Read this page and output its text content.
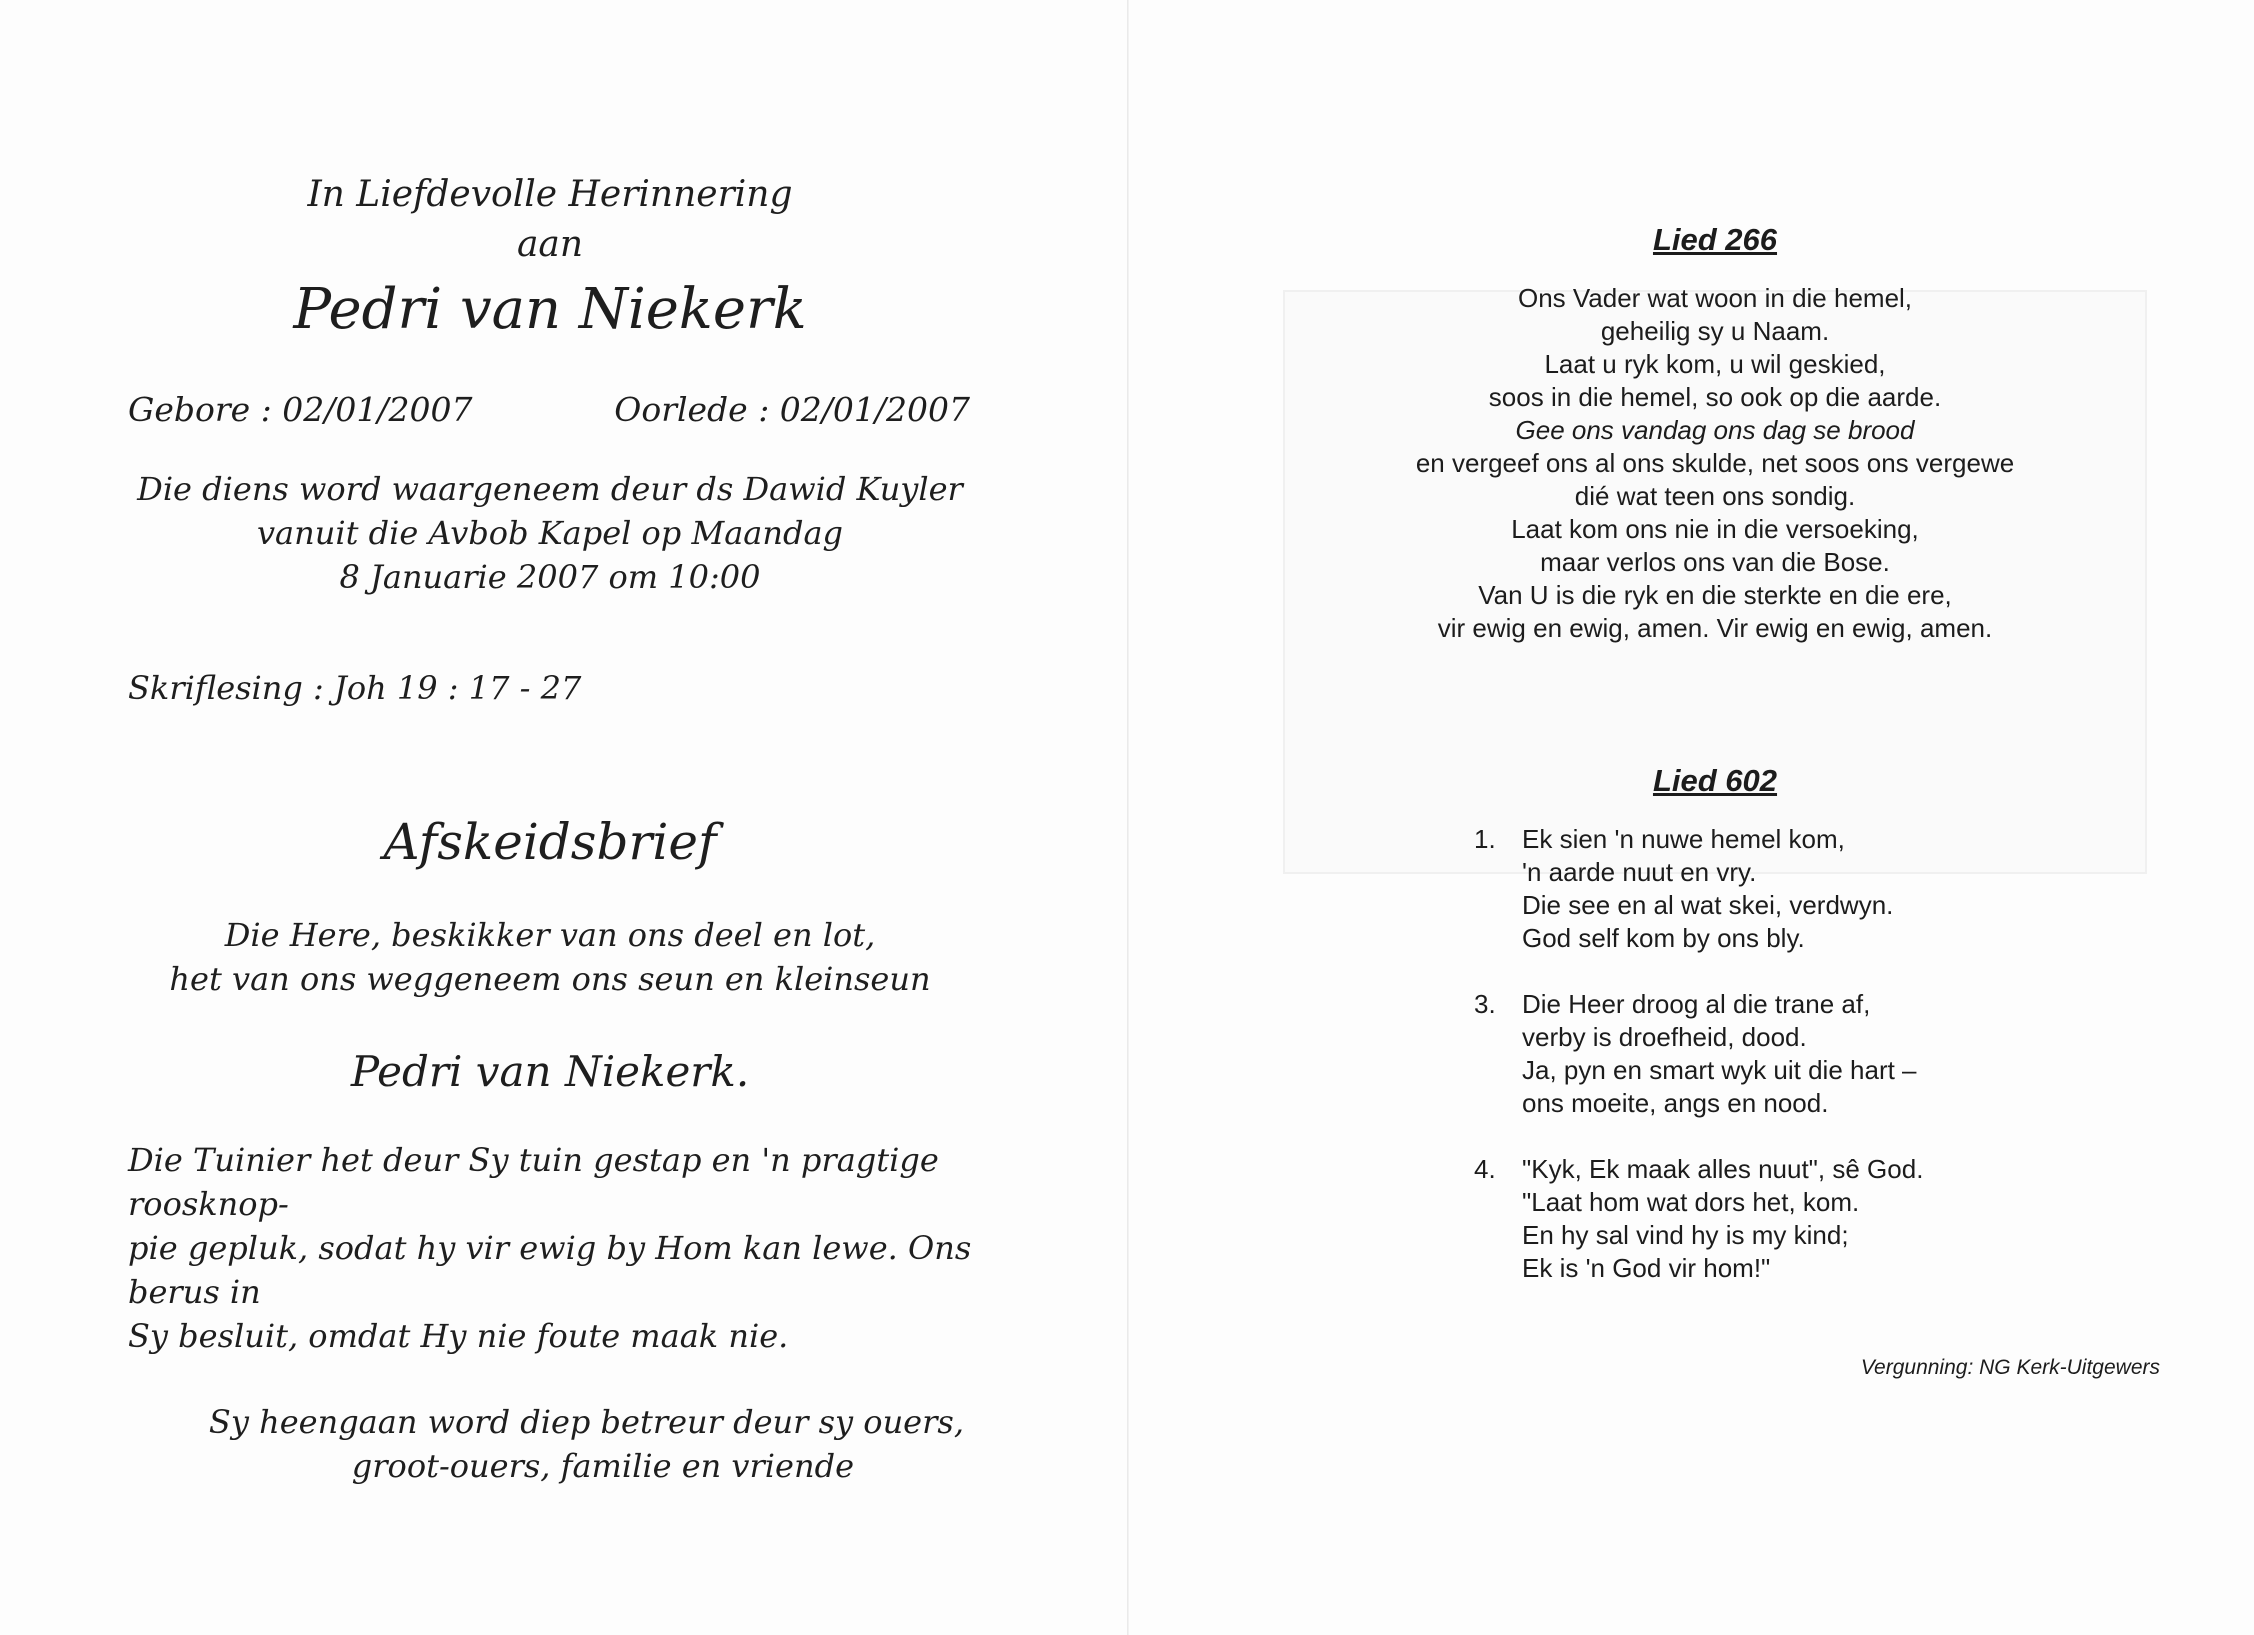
In Liefdevolle Herinnering
aan
Pedri van Niekerk
Gebore : 02/01/2007	Oorlede : 02/01/2007
Die diens word waargeneem deur ds Dawid Kuyler
vanuit die Avbob Kapel op Maandag
8 Januarie 2007 om 10:00
Skriflesing : Joh 19 : 17 - 27
Afskeidsbrief
Die Here, beskikker van ons deel en lot,
het van ons weggeneem ons seun en kleinseun
Pedri van Niekerk.
Die Tuinier het deur Sy tuin gestap en 'n pragtige roosknop-
pie gepluk, sodat hy vir ewig by Hom kan lewe. Ons berus in
Sy besluit, omdat Hy nie foute maak nie.
Sy heengaan word diep betreur deur sy ouers,
groot-ouers, familie en vriende
Lied 266
Ons Vader wat woon in die hemel,
geheilig sy u Naam.
Laat u ryk kom, u wil geskied,
soos in die hemel, so ook op die aarde.
Gee ons vandag ons dag se brood
en vergeef ons al ons skulde, net soos ons vergewe
dié wat teen ons sondig.
Laat kom ons nie in die versoeking,
maar verlos ons van die Bose.
Van U is die ryk en die sterkte en die ere,
vir ewig en ewig, amen. Vir ewig en ewig, amen.
Lied 602
1.	Ek sien 'n nuwe hemel kom,
'n aarde nuut en vry.
Die see en al wat skei, verdwyn.
God self kom by ons bly.
3.	Die Heer droog al die trane af,
verby is droefheid, dood.
Ja, pyn en smart wyk uit die hart –
ons moeite, angs en nood.
4.	"Kyk, Ek maak alles nuut", sê God.
"Laat hom wat dors het, kom.
En hy sal vind hy is my kind;
Ek is 'n God vir hom!"
Vergunning: NG Kerk-Uitgewers
